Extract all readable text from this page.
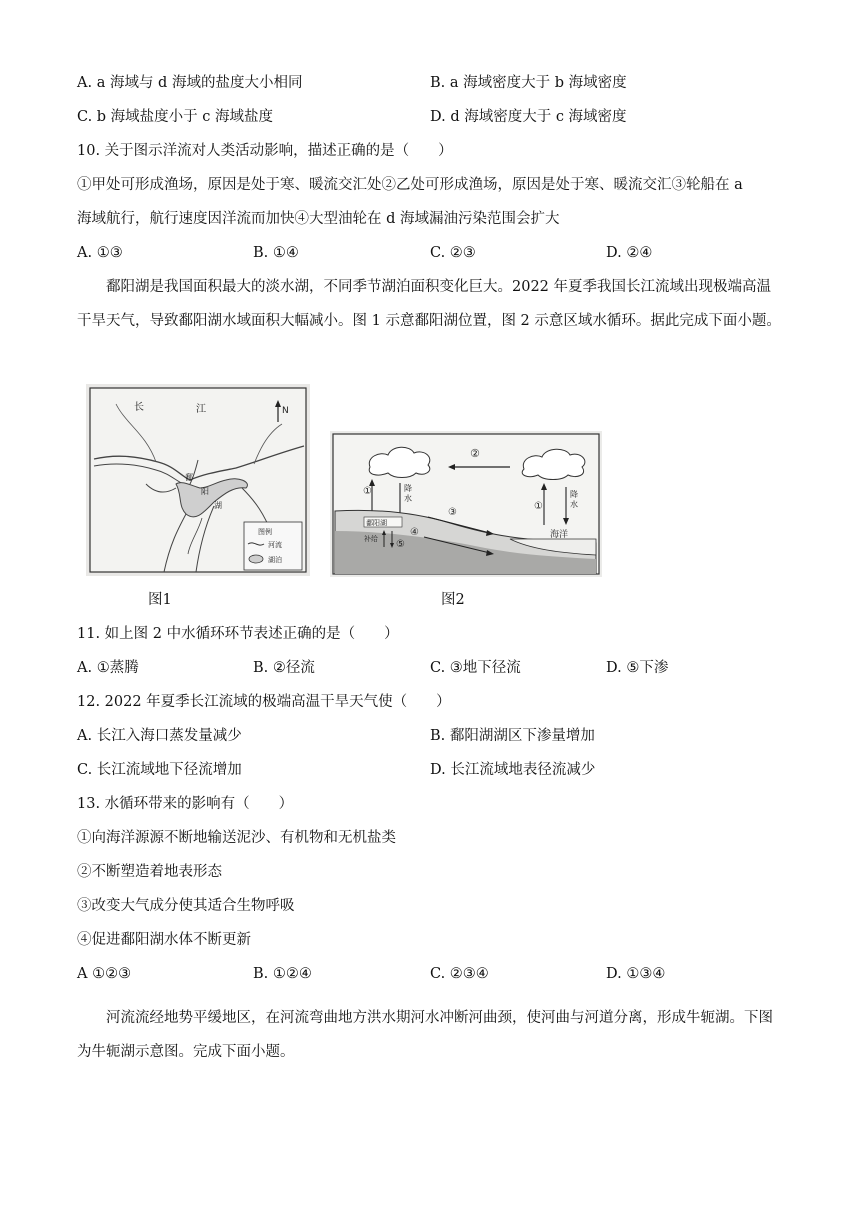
A. a 海域与 d 海域的盐度大小相同	B. a 海域密度大于 b 海域密度
C. b 海域盐度小于 c 海域盐度	D. d 海域密度大于 c 海域密度
10. 关于图示洋流对人类活动影响，描述正确的是（　　）
①甲处可形成渔场，原因是处于寒、暖流交汇处②乙处可形成渔场，原因是处于寒、暖流交汇③轮船在 a
海域航行，航行速度因洋流而加快④大型油轮在 d 海域漏油污染范围会扩大
A. ①③	B. ①④	C. ②③	D. ②④
鄱阳湖是我国面积最大的淡水湖，不同季节湖泊面积变化巨大。2022 年夏季我国长江流域出现极端高温干旱天气，导致鄱阳湖水域面积大幅减小。图 1 示意鄱阳湖位置，图 2 示意区域水循环。据此完成下面小题。
长	江	N
鄱
阳
湖
图例
河流
湖泊
图1
②
①	降
水
①
降
水
海洋
鄱阳湖
③
④
⑤
补给
图2
11. 如上图 2 中水循环环节表述正确的是（　　）
A. ①蒸腾	B. ②径流	C. ③地下径流	D. ⑤下渗
12. 2022 年夏季长江流域的极端高温干旱天气使（　　）
A. 长江入海口蒸发量减少	B. 鄱阳湖湖区下渗量增加
C. 长江流域地下径流增加	D. 长江流域地表径流减少
13. 水循环带来的影响有（　　）
①向海洋源源不断地输送泥沙、有机物和无机盐类
②不断塑造着地表形态
③改变大气成分使其适合生物呼吸
④促进鄱阳湖水体不断更新
A ①②③	B. ①②④	C. ②③④	D. ①③④
河流流经地势平缓地区，在河流弯曲地方洪水期河水冲断河曲颈，使河曲与河道分离，形成牛轭湖。下图为牛轭湖示意图。完成下面小题。
